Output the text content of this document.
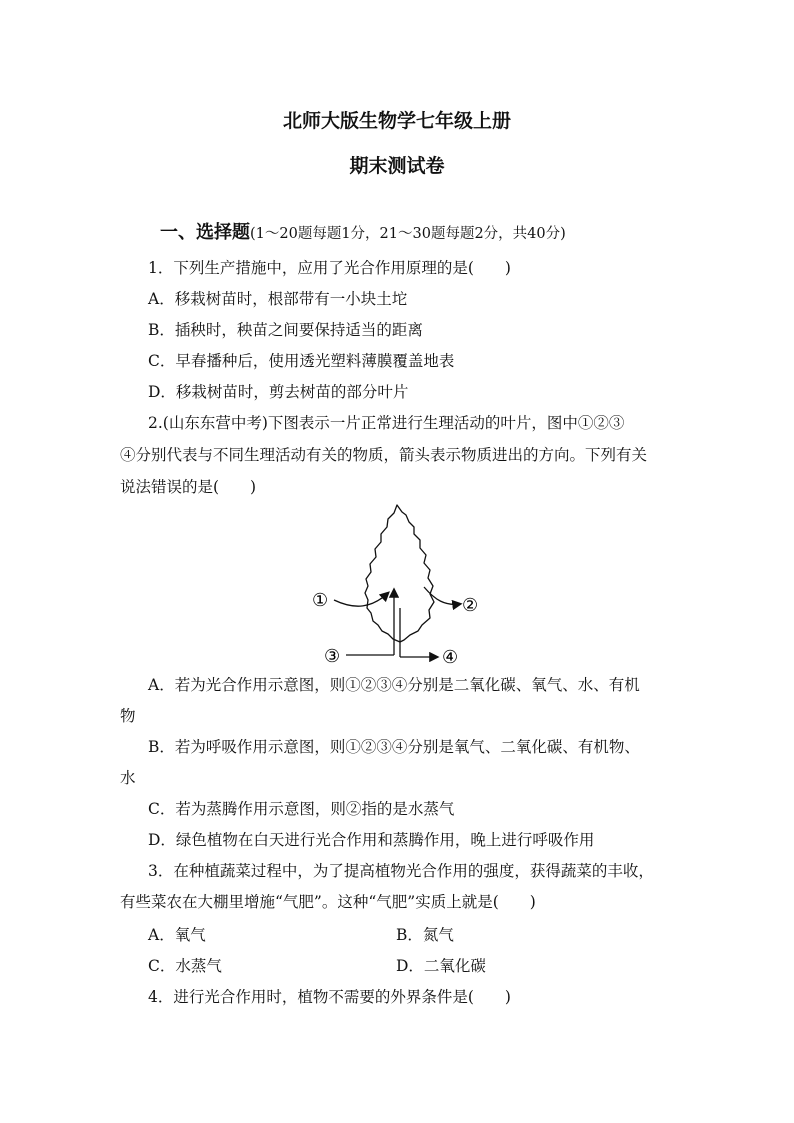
北师大版生物学七年级上册
期末测试卷
一、选择题(1～20题每题1分，21～30题每题2分，共40分)
1．下列生产措施中，应用了光合作用原理的是(　　)
A．移栽树苗时，根部带有一小块土坨
B．插秧时，秧苗之间要保持适当的距离
C．早春播种后，使用透光塑料薄膜覆盖地表
D．移栽树苗时，剪去树苗的部分叶片
2.(山东东营中考)下图表示一片正常进行生理活动的叶片，图中①②③
④分别代表与不同生理活动有关的物质，箭头表示物质进出的方向。下列有关
说法错误的是(　　)
①	②
③	④
A．若为光合作用示意图，则①②③④分别是二氧化碳、氧气、水、有机
物
B．若为呼吸作用示意图，则①②③④分别是氧气、二氧化碳、有机物、
水
C．若为蒸腾作用示意图，则②指的是水蒸气
D．绿色植物在白天进行光合作用和蒸腾作用，晚上进行呼吸作用
3．在种植蔬菜过程中，为了提高植物光合作用的强度，获得蔬菜的丰收，
有些菜农在大棚里增施“气肥”。这种“气肥”实质上就是(　　)
A．氧气	B．氮气
C．水蒸气	D．二氧化碳
4．进行光合作用时，植物不需要的外界条件是(　　)
